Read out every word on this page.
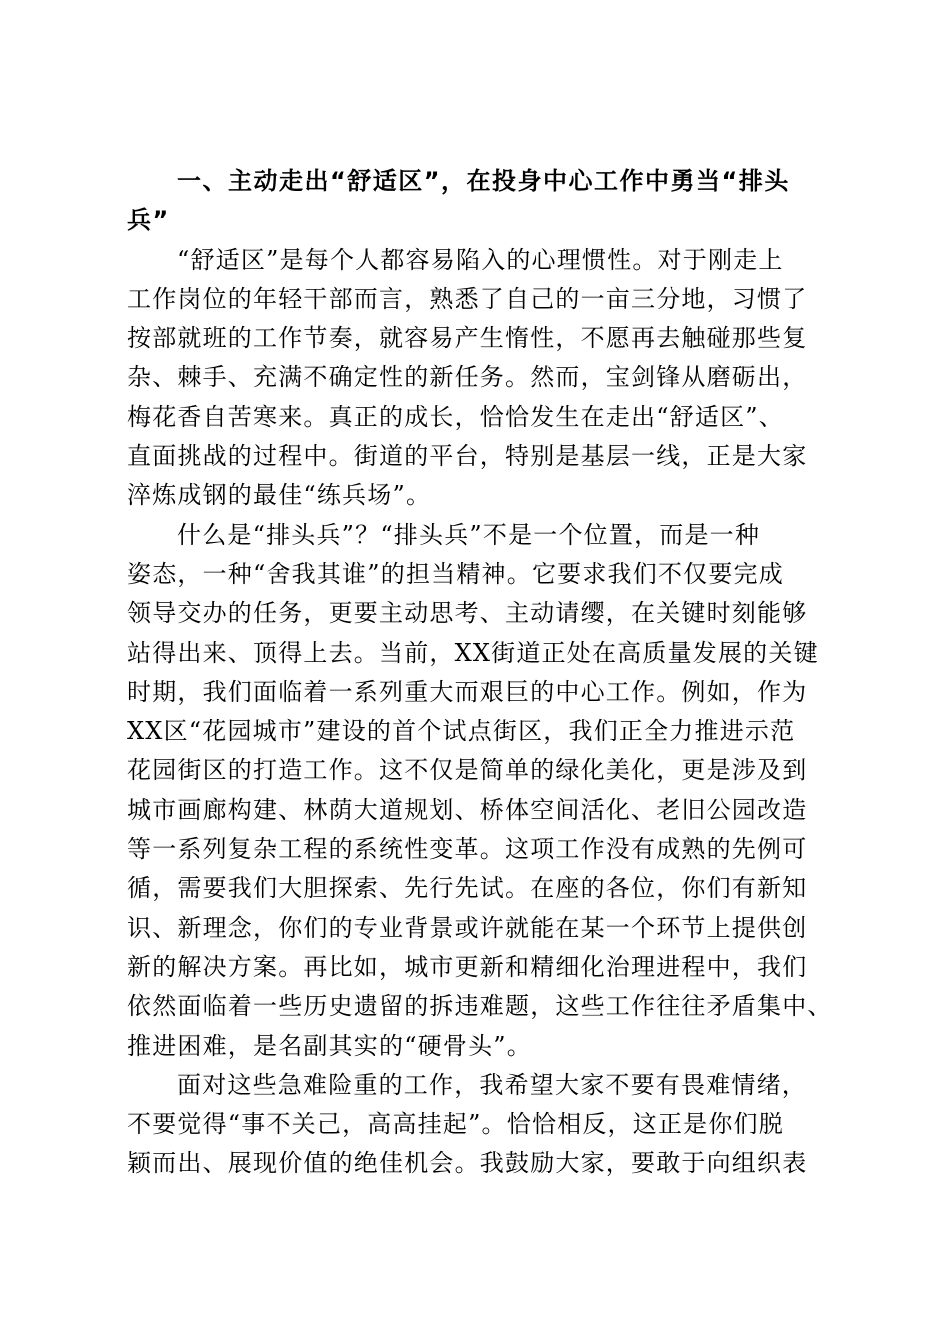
一、主动走出“舒适区”，在投身中心工作中勇当“排头
兵”
“舒适区”是每个人都容易陷入的心理惯性。对于刚走上
工作岗位的年轻干部而言，熟悉了自己的一亩三分地，习惯了
按部就班的工作节奏，就容易产生惰性，不愿再去触碰那些复
杂、棘手、充满不确定性的新任务。然而，宝剑锋从磨砺出，
梅花香自苦寒来。真正的成长，恰恰发生在走出“舒适区”、
直面挑战的过程中。街道的平台，特别是基层一线，正是大家
淬炼成钢的最佳“练兵场”。
什么是“排头兵”？“排头兵”不是一个位置，而是一种
姿态，一种“舍我其谁”的担当精神。它要求我们不仅要完成
领导交办的任务，更要主动思考、主动请缨，在关键时刻能够
站得出来、顶得上去。当前，XX街道正处在高质量发展的关键
时期，我们面临着一系列重大而艰巨的中心工作。例如，作为
XX区“花园城市”建设的首个试点街区，我们正全力推进示范
花园街区的打造工作。这不仅是简单的绿化美化，更是涉及到
城市画廊构建、林荫大道规划、桥体空间活化、老旧公园改造
等一系列复杂工程的系统性变革。这项工作没有成熟的先例可
循，需要我们大胆探索、先行先试。在座的各位，你们有新知
识、新理念，你们的专业背景或许就能在某一个环节上提供创
新的解决方案。再比如，城市更新和精细化治理进程中，我们
依然面临着一些历史遗留的拆违难题，这些工作往往矛盾集中、
推进困难，是名副其实的“硬骨头”。
面对这些急难险重的工作，我希望大家不要有畏难情绪，
不要觉得“事不关己，高高挂起”。恰恰相反，这正是你们脱
颖而出、展现价值的绝佳机会。我鼓励大家，要敢于向组织表
